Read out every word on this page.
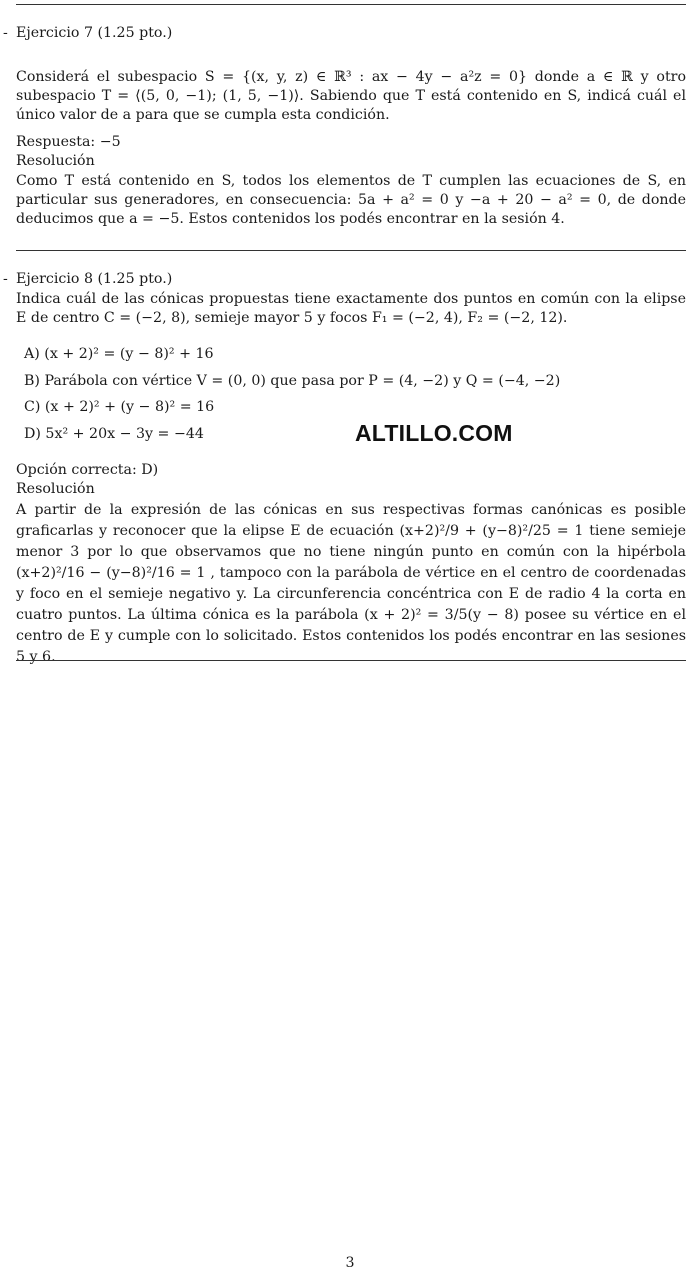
- Ejercicio 7 (1.25 pto.)
Considerá el subespacio S = {(x, y, z) ∈ ℝ³ : ax − 4y − a²z = 0} donde a ∈ ℝ y otro subespacio T = ⟨(5, 0, −1); (1, 5, −1)⟩. Sabiendo que T está contenido en S, indicá cuál el único valor de a para que se cumpla esta condición.
Respuesta: −5
Resolución
Como T está contenido en S, todos los elementos de T cumplen las ecuaciones de S, en particular sus generadores, en consecuencia: 5a + a² = 0 y −a + 20 − a² = 0, de donde deducimos que a = −5. Estos contenidos los podés encontrar en la sesión 4.
- Ejercicio 8 (1.25 pto.)
Indica cuál de las cónicas propuestas tiene exactamente dos puntos en común con la elipse E de centro C = (−2, 8), semieje mayor 5 y focos F₁ = (−2, 4), F₂ = (−2, 12).
A) (x + 2)² = (y − 8)² + 16
B) Parábola con vértice V = (0, 0) que pasa por P = (4, −2) y Q = (−4, −2)
C) (x + 2)² + (y − 8)² = 16
D) 5x² + 20x − 3y = −44	ALTILLO.COM
Opción correcta: D)
Resolución
A partir de la expresión de las cónicas en sus respectivas formas canónicas es posible graficarlas y reconocer que la elipse E de ecuación (x+2)²/9 + (y−8)²/25 = 1 tiene semieje menor 3 por lo que observamos que no tiene ningún punto en común con la hipérbola (x+2)²/16 − (y−8)²/16 = 1 , tampoco con la parábola de vértice en el centro de coordenadas y foco en el semieje negativo y. La circunferencia concéntrica con E de radio 4 la corta en cuatro puntos. La última cónica es la parábola (x + 2)² = 3/5(y − 8) posee su vértice en el centro de E y cumple con lo solicitado. Estos contenidos los podés encontrar en las sesiones 5 y 6.
3
